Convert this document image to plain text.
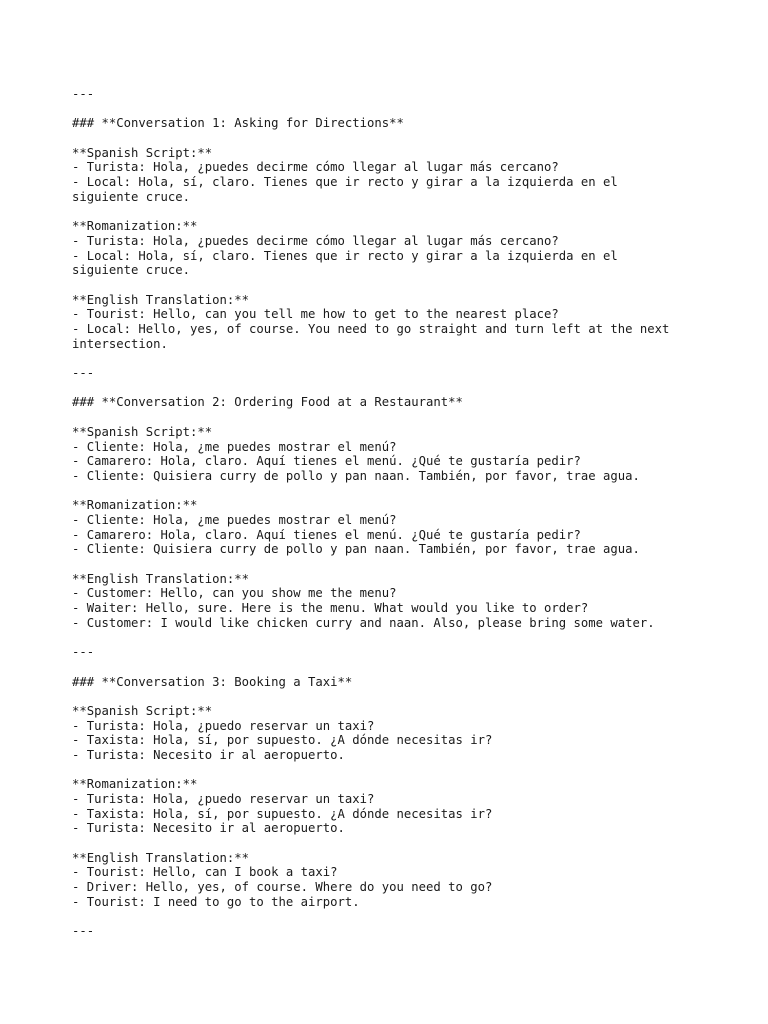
---
### **Conversation 1: Asking for Directions**
**Spanish Script:**
- Turista: Hola, ¿puedes decirme cómo llegar al lugar más cercano?
- Local: Hola, sí, claro. Tienes que ir recto y girar a la izquierda en el
siguiente cruce.
**Romanization:**
- Turista: Hola, ¿puedes decirme cómo llegar al lugar más cercano?
- Local: Hola, sí, claro. Tienes que ir recto y girar a la izquierda en el
siguiente cruce.
**English Translation:**
- Tourist: Hello, can you tell me how to get to the nearest place?
- Local: Hello, yes, of course. You need to go straight and turn left at the next
intersection.
---
### **Conversation 2: Ordering Food at a Restaurant**
**Spanish Script:**
- Cliente: Hola, ¿me puedes mostrar el menú?
- Camarero: Hola, claro. Aquí tienes el menú. ¿Qué te gustaría pedir?
- Cliente: Quisiera curry de pollo y pan naan. También, por favor, trae agua.
**Romanization:**
- Cliente: Hola, ¿me puedes mostrar el menú?
- Camarero: Hola, claro. Aquí tienes el menú. ¿Qué te gustaría pedir?
- Cliente: Quisiera curry de pollo y pan naan. También, por favor, trae agua.
**English Translation:**
- Customer: Hello, can you show me the menu?
- Waiter: Hello, sure. Here is the menu. What would you like to order?
- Customer: I would like chicken curry and naan. Also, please bring some water.
---
### **Conversation 3: Booking a Taxi**
**Spanish Script:**
- Turista: Hola, ¿puedo reservar un taxi?
- Taxista: Hola, sí, por supuesto. ¿A dónde necesitas ir?
- Turista: Necesito ir al aeropuerto.
**Romanization:**
- Turista: Hola, ¿puedo reservar un taxi?
- Taxista: Hola, sí, por supuesto. ¿A dónde necesitas ir?
- Turista: Necesito ir al aeropuerto.
**English Translation:**
- Tourist: Hello, can I book a taxi?
- Driver: Hello, yes, of course. Where do you need to go?
- Tourist: I need to go to the airport.
---
